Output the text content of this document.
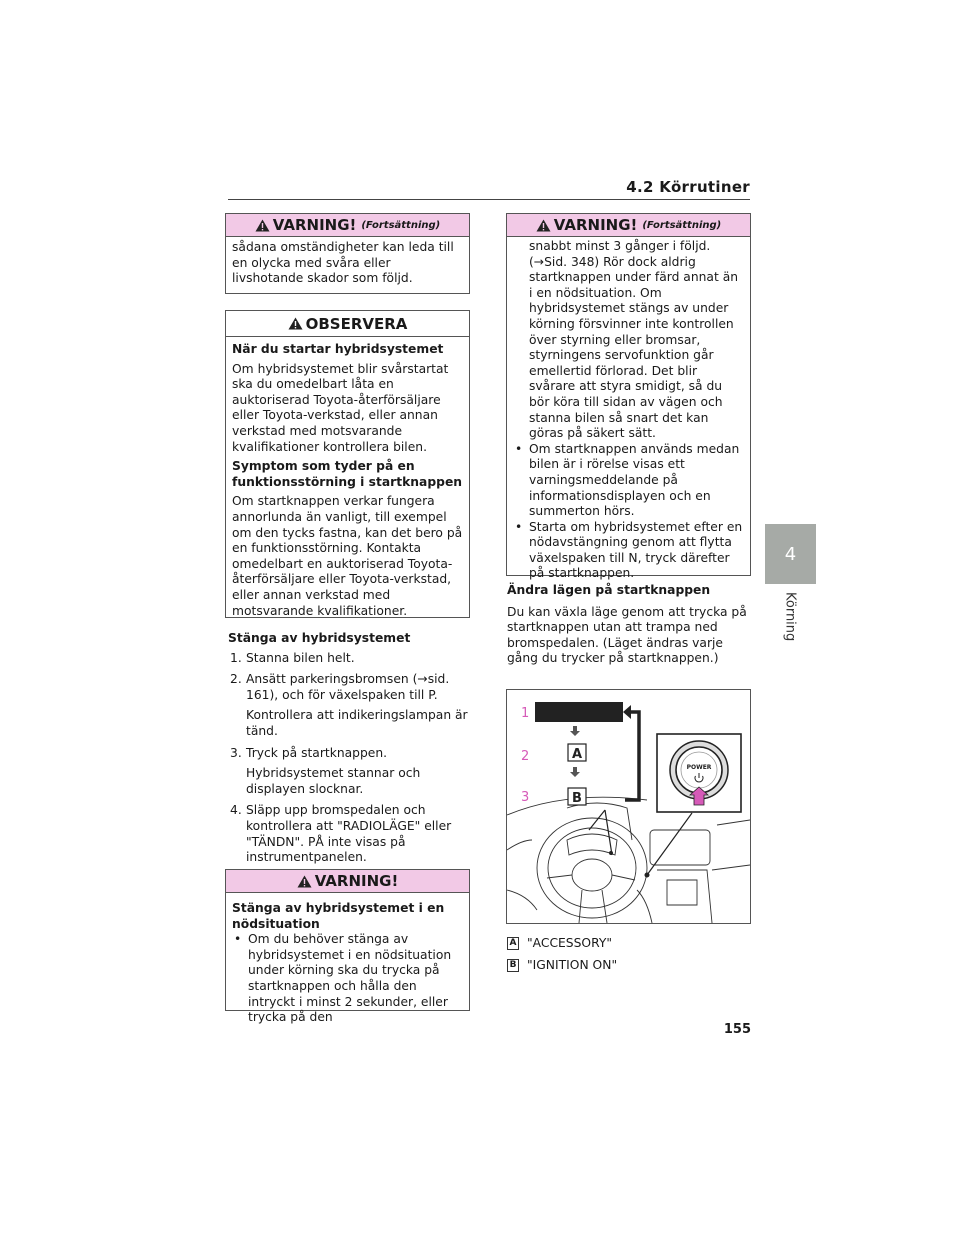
4.2 Körrutiner
4
Körning
VARNING! (Fortsättning)
sådana omständigheter kan leda till en olycka med svåra eller livshotande skador som följd.
OBSERVERA

När du startar hybridsystemet

Om hybridsystemet blir svårstartat ska du omedelbart låta en auktoriserad Toyota-återförsäljare eller Toyota-verkstad, eller annan verkstad med motsvarande kvalifikationer kontrollera bilen.

Symptom som tyder på en funktionsstörning i startknappen

Om startknappen verkar fungera annorlunda än vanligt, till exempel om den tycks fastna, kan det bero på en funktionsstörning. Kontakta omedelbart en auktoriserad Toyota-återförsäljare eller Toyota-verkstad, eller annan verkstad med motsvarande kvalifikationer.

Stänga av hybridsystemet
1. Stanna bilen helt.
2. Ansätt parkeringsbromsen (→sid. 161), och för växelspaken till P.
Kontrollera att indikeringslampan är tänd.
3. Tryck på startknappen.
Hybridsystemet stannar och displayen slocknar.
4. Släpp upp bromspedalen och kontrollera att "RADIOLÄGE" eller "TÄNDN". PÅ inte visas på instrumentpanelen.
VARNING!
Stänga av hybridsystemet i en nödsituation
• Om du behöver stänga av hybridsystemet i en nödsituation under körning ska du trycka på startknappen och hålla den intryckt i minst 2 sekunder, eller trycka på den
VARNING! (Fortsättning)
snabbt minst 3 gånger i följd. (→Sid. 348) Rör dock aldrig startknappen under färd annat än i en nödsituation. Om hybridsystemet stängs av under körning försvinner inte kontrollen över styrning eller bromsar, styrningens servofunktion går emellertid förlorad. Det blir svårare att styra smidigt, så du bör köra till sidan av vägen och stanna bilen så snart det kan göras på säkert sätt.
• Om startknappen används medan bilen är i rörelse visas ett varningsmeddelande på informationsdisplayen och en summerton hörs.
• Starta om hybridsystemet efter en nödavstängning genom att flytta växelspaken till N, tryck därefter på startknappen.
Ändra lägen på startknappen
Du kan växla läge genom att trycka på startknappen utan att trampa ned bromspedalen. (Läget ändras varje gång du trycker på startknappen.)
POWER
A
B
1
2
3
A "ACCESSORY"
B "IGNITION ON"
155
